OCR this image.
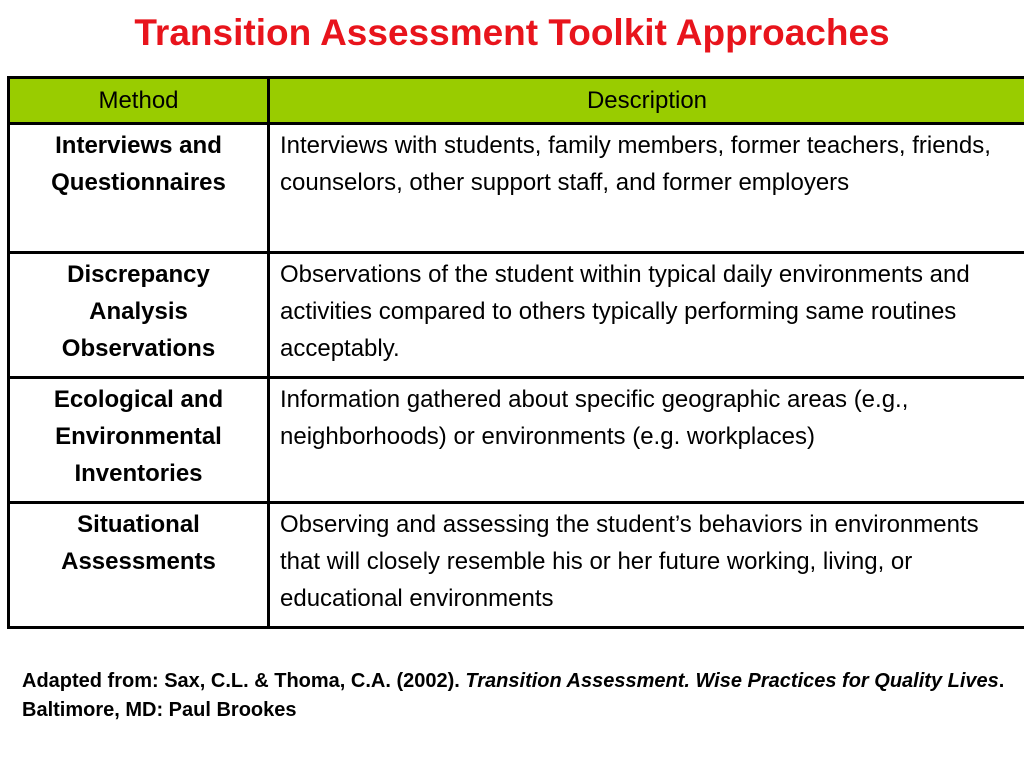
Transition Assessment Toolkit Approaches
Method	Description

Interviews and
Questionnaires	Interviews with students, family members, former teachers, friends, counselors, other support staff, and former employers

Discrepancy
Analysis
Observations	Observations of the student within typical daily environments and activities compared to others typically performing same routines acceptably.

Ecological and
Environmental
Inventories	Information gathered about specific geographic areas (e.g., neighborhoods) or environments (e.g. workplaces)

Situational
Assessments	Observing and assessing the student’s behaviors in environments that will closely resemble his or her future working, living, or educational environments
Adapted from: Sax, C.L. & Thoma, C.A. (2002). Transition Assessment. Wise Practices for Quality Lives. Baltimore, MD: Paul Brookes
